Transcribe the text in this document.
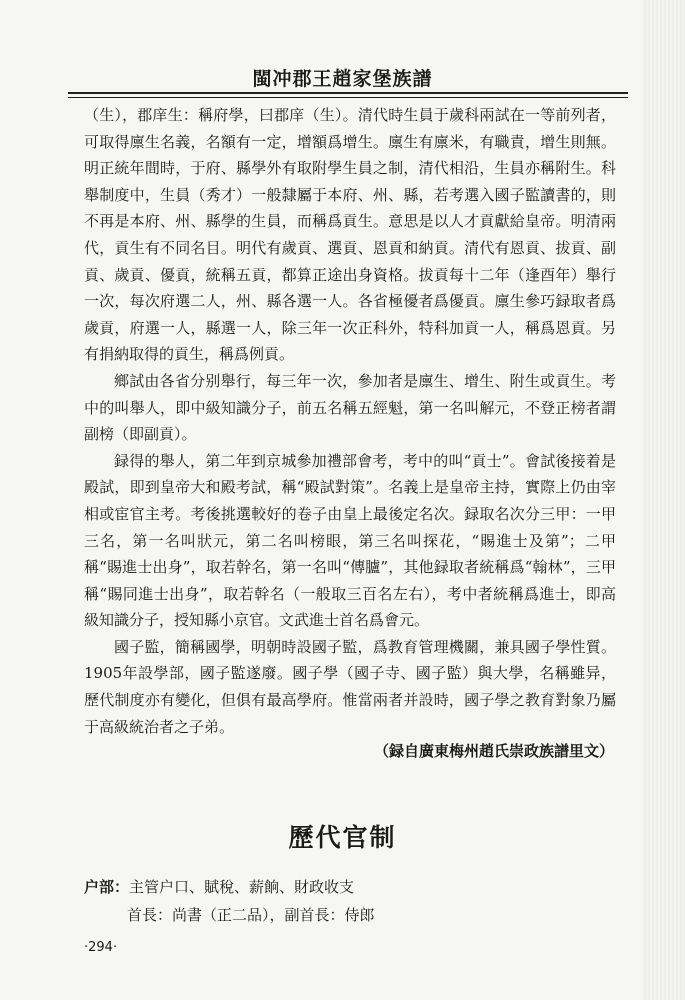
閩冲郡王趙家堡族譜

（生），郡庠生：稱府學，曰郡庠（生）。清代時生員于歲科兩試在一等前列者，可取得廪生名義，名額有一定，增額爲增生。廪生有廪米，有職責，增生則無。明正統年間時，于府、縣學外有取附學生員之制，清代相沿，生員亦稱附生。科舉制度中，生員（秀才）一般隸屬于本府、州、縣，若考選入國子監讀書的，則不再是本府、州、縣學的生員，而稱爲貢生。意思是以人才貢獻給皇帝。明清兩代，貢生有不同名目。明代有歲貢、選貢、恩貢和納貢。清代有恩貢、拔貢、副貢、歲貢、優貢，統稱五貢，都算正途出身資格。拔貢每十二年（逢酉年）舉行一次，每次府選二人，州、縣各選一人。各省極優者爲優貢。廪生參巧録取者爲歲貢，府選一人，縣選一人，除三年一次正科外，特科加貢一人，稱爲恩貢。另有捐納取得的貢生，稱爲例貢。

鄉試由各省分别舉行，每三年一次，參加者是廪生、增生、附生或貢生。考中的叫舉人，即中級知識分子，前五名稱五經魁，第一名叫解元，不登正榜者謂副榜（即副貢）。

録得的舉人，第二年到京城參加禮部會考，考中的叫“貢士”。會試後接着是殿試，即到皇帝大和殿考試，稱“殿試對策”。名義上是皇帝主持，實際上仍由宰相或宦官主考。考後挑選較好的卷子由皇上最後定名次。録取名次分三甲：一甲三名，第一名叫狀元，第二名叫榜眼，第三名叫探花，“賜進士及第”；二甲稱“賜進士出身”，取若幹名，第一名叫“傳臚”，其他録取者統稱爲“翰林”，三甲稱“賜同進士出身”，取若幹名（一般取三百名左右），考中者統稱爲進士，即高級知識分子，授知縣小京官。文武進士首名爲會元。

國子監，簡稱國學，明朝時設國子監，爲教育管理機關，兼具國子學性質。1905年設學部，國子監遂廢。國子學（國子寺、國子監）與大學，名稱雖异，歷代制度亦有變化，但俱有最高學府。惟當兩者并設時，國子學之教育對象乃屬于高級統治者之子弟。

（録自廣東梅州趙氏崇政族譜里文）
歷代官制
户部：主管户口、賦稅、薪餉、財政收支
首長：尚書（正二品），副首長：侍郎
·294·
